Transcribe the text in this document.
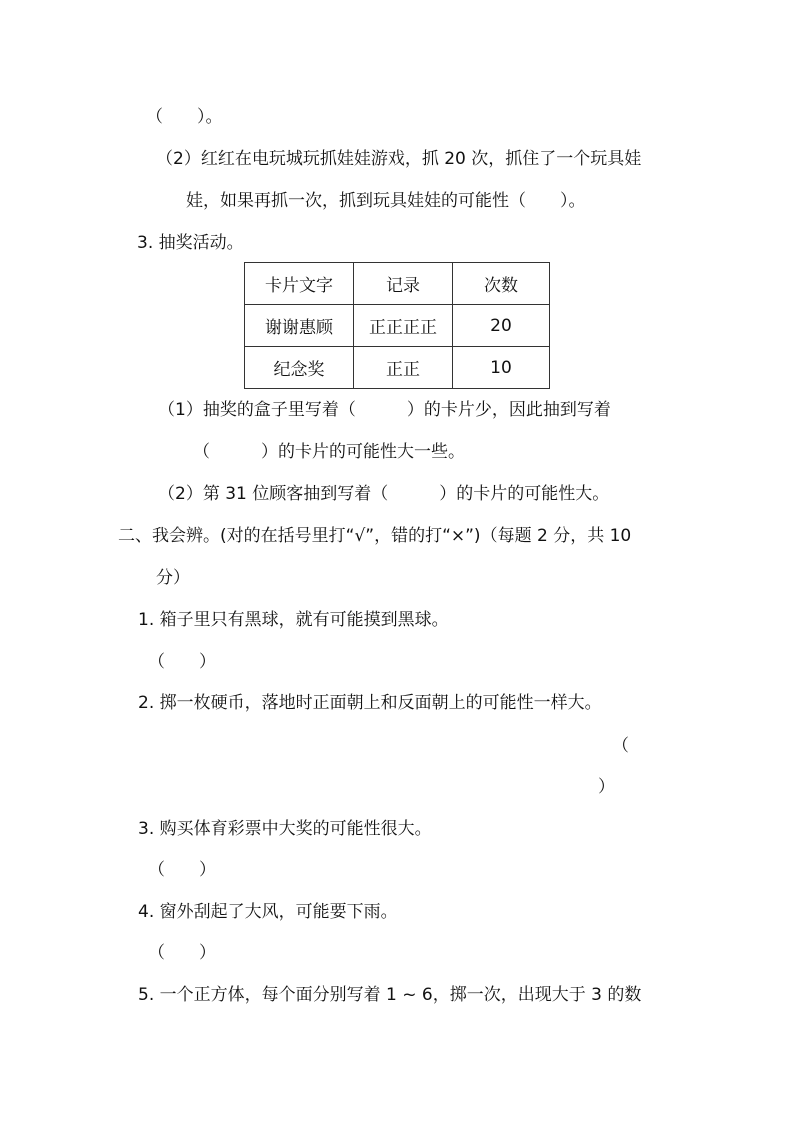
（　　）。
（2）红红在电玩城玩抓娃娃游戏，抓 20 次，抓住了一个玩具娃
娃，如果再抓一次，抓到玩具娃娃的可能性（　　）。
3. 抽奖活动。
卡片文字	记录	次数
谢谢惠顾	正正正正	20
纪念奖	正正	10
（1）抽奖的盒子里写着（　　　）的卡片少，因此抽到写着
（　　　）的卡片的可能性大一些。
（2）第 31 位顾客抽到写着（　　　）的卡片的可能性大。
二、我会辨。(对的在括号里打“√”，错的打“×”)（每题 2 分，共 10
分）
1. 箱子里只有黑球，就有可能摸到黑球。
（　　）
2. 掷一枚硬币，落地时正面朝上和反面朝上的可能性一样大。
（
）
3. 购买体育彩票中大奖的可能性很大。
（　　）
4. 窗外刮起了大风，可能要下雨。
（　　）
5. 一个正方体，每个面分别写着 1 ~ 6，掷一次，出现大于 3 的数
